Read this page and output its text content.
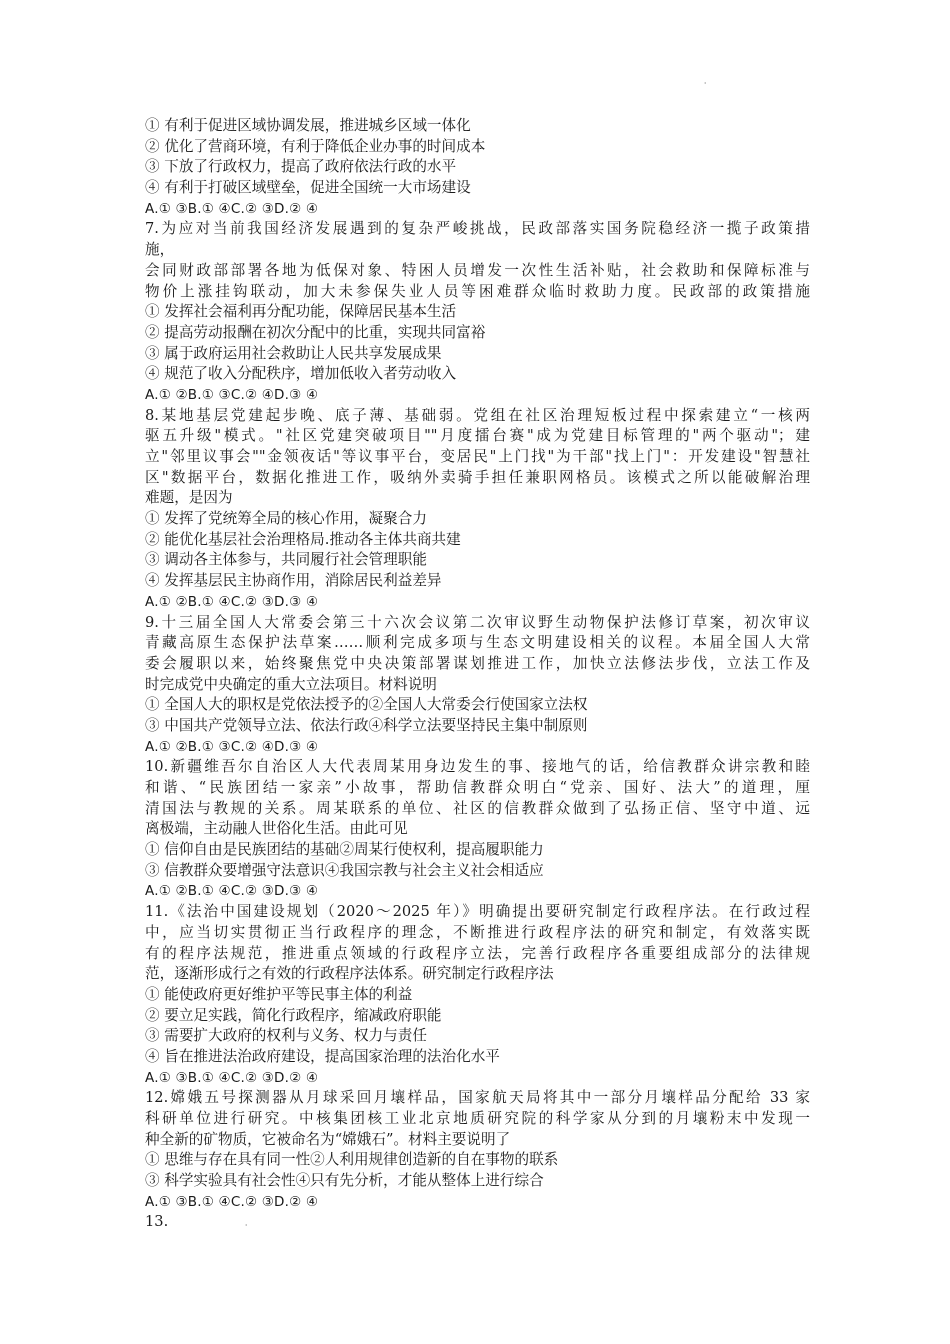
ˌ
① 有利于促进区域协调发展，推进城乡区域一体化
② 优化了营商环境，有利于降低企业办事的时间成本
③ 下放了行政权力，提高了政府依法行政的水平
④ 有利于打破区域壁垒，促进全国统一大市场建设
A.① ③B.① ④C.② ③D.② ④
7.为应对当前我国经济发展遇到的复杂严峻挑战，民政部落实国务院稳经济一揽子政策措
施，
会同财政部部署各地为低保对象、特困人员增发一次性生活补贴，社会救助和保障标准与
物价上涨挂钩联动，加大未参保失业人员等困难群众临时救助力度。民政部的政策措施
① 发挥社会福利再分配功能，保障居民基本生活
② 提高劳动报酬在初次分配中的比重，实现共同富裕
③ 属于政府运用社会救助让人民共享发展成果
④ 规范了收入分配秩序，增加低收入者劳动收入
A.① ②B.① ③C.② ④D.③ ④
8.某地基层党建起步晚、底子薄、基础弱。党组在社区治理短板过程中探索建立“一核两
驱五升级"模式。"社区党建突破项目""月度擂台赛"成为党建目标管理的"两个驱动"；建
立"邻里议事会""金领夜话"等议事平台，变居民"上门找"为干部"找上门"：开发建设"智慧社
区"数据平台，数据化推进工作，吸纳外卖骑手担任兼职网格员。该模式之所以能破解治理
难题，是因为
① 发挥了党统筹全局的核心作用，凝聚合力
② 能优化基层社会治理格局.推动各主体共商共建
③ 调动各主体参与，共同履行社会管理职能
④ 发挥基层民主协商作用，消除居民利益差异
A.① ②B.① ④C.② ③D.③ ④
9.十三届全国人大常委会第三十六次会议第二次审议野生动物保护法修订草案，初次审议
青藏高原生态保护法草案……顺利完成多项与生态文明建设相关的议程。本届全国人大常
委会履职以来，始终聚焦党中央决策部署谋划推进工作，加快立法修法步伐，立法工作及
时完成党中央确定的重大立法项目。材料说明
① 全国人大的职权是党依法授予的②全国人大常委会行使国家立法权
③ 中国共产党领导立法、依法行政④科学立法要坚持民主集中制原则
A.① ②B.① ③C.② ④D.③ ④
10.新疆维吾尔自治区人大代表周某用身边发生的事、接地气的话，给信教群众讲宗教和睦
和谐、“民族团结一家亲”小故事，帮助信教群众明白“党亲、国好、法大”的道理，厘
清国法与教规的关系。周某联系的单位、社区的信教群众做到了弘扬正信、坚守中道、远
离极端，主动融人世俗化生活。由此可见
① 信仰自由是民族团结的基础②周某行使权利，提高履职能力
③ 信教群众要增强守法意识④我国宗教与社会主义社会相适应
A.① ②B.① ④C.② ③D.③ ④
11.《法治中国建设规划（2020～2025 年）》明确提出要研究制定行政程序法。在行政过程
中，应当切实贯彻正当行政程序的理念，不断推进行政程序法的研究和制定，有效落实既
有的程序法规范，推进重点领域的行政程序立法，完善行政程序各重要组成部分的法律规
范，逐渐形成行之有效的行政程序法体系。研究制定行政程序法
① 能使政府更好维护平等民事主体的利益
② 要立足实践，简化行政程序，缩减政府职能
③ 需要扩大政府的权利与义务、权力与责任
④ 旨在推进法治政府建设，提高国家治理的法治化水平
A.① ③B.① ④C.② ③D.② ④
12.嫦娥五号探测器从月球采回月壤样品，国家航天局将其中一部分月壤样品分配给 33 家
科研单位进行研究。中核集团核工业北京地质研究院的科学家从分到的月壤粉末中发现一
种全新的矿物质，它被命名为“嫦娥石”。材料主要说明了
① 思维与存在具有同一性②人利用规律创造新的自在事物的联系
③ 科学实验具有社会性④只有先分析，才能从整体上进行综合
A.① ③B.① ④C.② ③D.② ④
13.	ˌ
